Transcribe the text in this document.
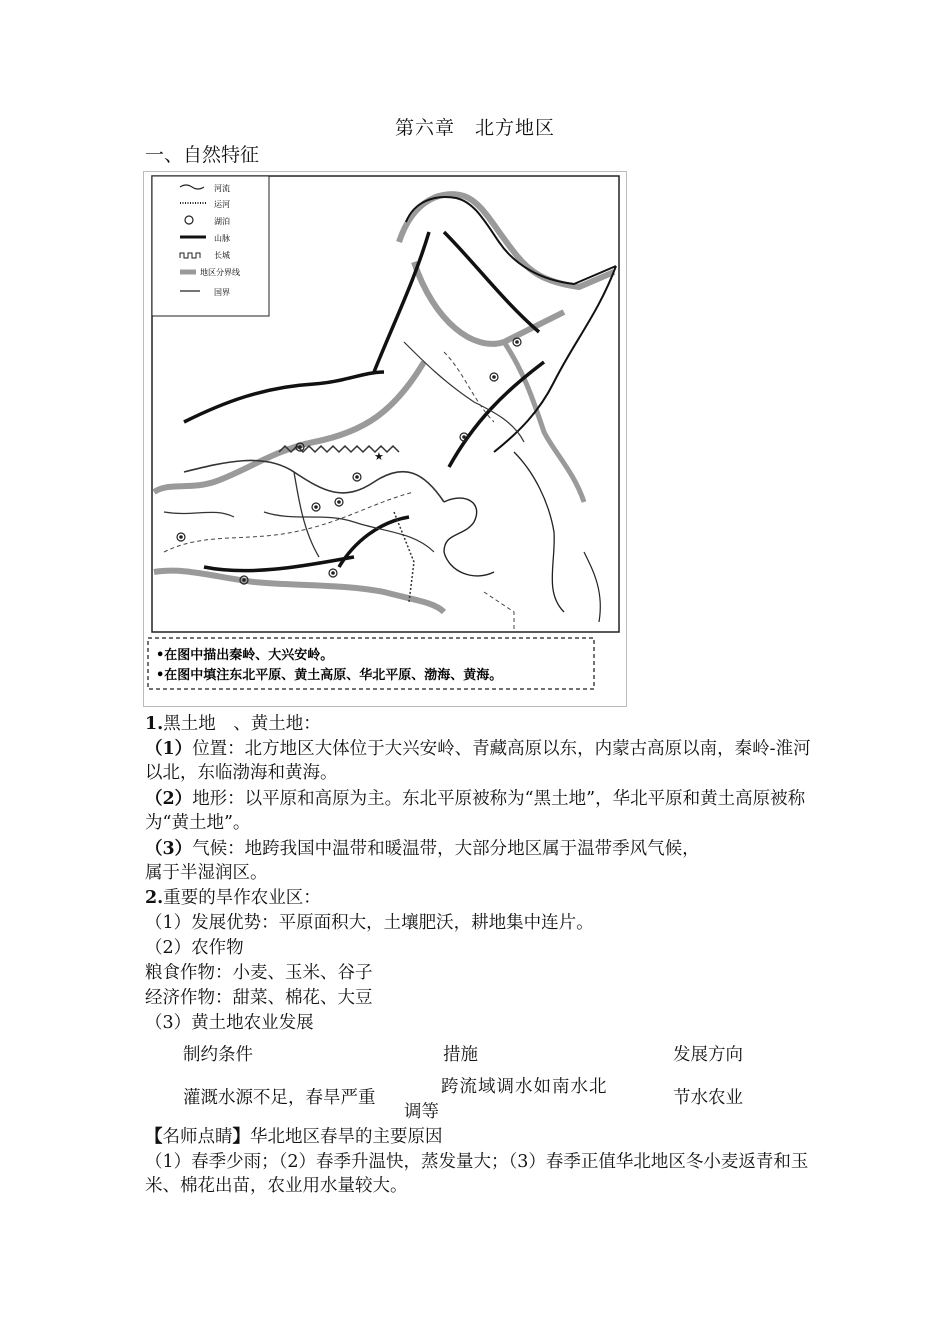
第六章　北方地区
一、自然特征
河流
运河
湖泊
山脉
长城
地区分界线
国界
★
•在图中描出秦岭、大兴安岭。
•在图中填注东北平原、黄土高原、华北平原、渤海、黄海。
1.黑土地　、黄土地：
（1）位置：北方地区大体位于大兴安岭、青藏高原以东，内蒙古高原以南，秦岭-淮河以北，东临渤海和黄海。
（2）地形：以平原和高原为主。东北平原被称为“黑土地”，华北平原和黄土高原被称为“黄土地”。
（3）气候：地跨我国中温带和暖温带，大部分地区属于温带季风气候，
属于半湿润区。
2.重要的旱作农业区：
（1）发展优势：平原面积大，土壤肥沃，耕地集中连片。
（2）农作物
粮食作物：小麦、玉米、谷子
经济作物：甜菜、棉花、大豆
（3）黄土地农业发展
制约条件	措施	发展方向
灌溉水源不足，春旱严重
跨流域调水如南水北
调等
节水农业
【名师点睛】华北地区春旱的主要原因
（1）春季少雨；（2）春季升温快，蒸发量大；（3）春季正值华北地区冬小麦返青和玉米、棉花出苗，农业用水量较大。
